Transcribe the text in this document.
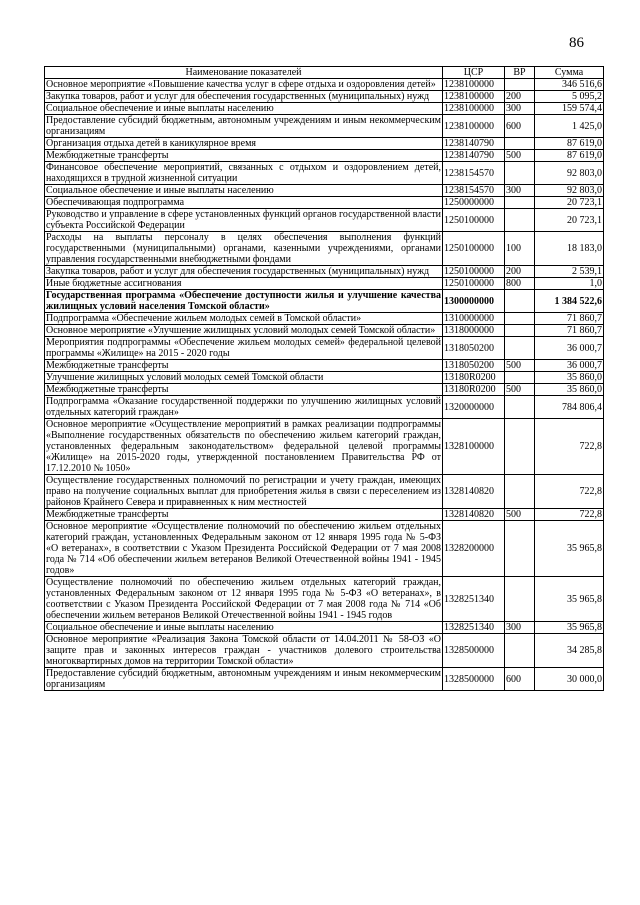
86
Наименование показателей	ЦСР	ВР	Сумма
Основное мероприятие «Повышение качества услуг в сфере отдыха и оздоровления детей»	1238100000		346 516,6
Закупка товаров, работ и услуг для обеспечения государственных (муниципальных) нужд	1238100000	200	5 095,2
Социальное обеспечение и иные выплаты населению	1238100000	300	159 574,4
Предоставление субсидий бюджетным, автономным учреждениям и иным некоммерческим организациям	1238100000	600	1 425,0
Организация отдыха детей в каникулярное время	1238140790		87 619,0
Межбюджетные трансферты	1238140790	500	87 619,0
Финансовое обеспечение мероприятий, связанных с отдыхом и оздоровлением детей, находящихся в трудной жизненной ситуации	1238154570		92 803,0
Социальное обеспечение и иные выплаты населению	1238154570	300	92 803,0
Обеспечивающая подпрограмма	1250000000		20 723,1
Руководство и управление в сфере установленных функций органов государственной власти субъекта Российской Федерации	1250100000		20 723,1
Расходы на выплаты персоналу в целях обеспечения выполнения функций государственными (муниципальными) органами, казенными учреждениями, органами управления государственными внебюджетными фондами	1250100000	100	18 183,0
Закупка товаров, работ и услуг для обеспечения государственных (муниципальных) нужд	1250100000	200	2 539,1
Иные бюджетные ассигнования	1250100000	800	1,0
Государственная программа «Обеспечение доступности жилья и улучшение качества жилищных условий населения Томской области»	1300000000		1 384 522,6
Подпрограмма «Обеспечение жильем молодых семей в Томской области»	1310000000		71 860,7
Основное мероприятие «Улучшение жилищных условий молодых семей Томской области»	1318000000		71 860,7
Мероприятия подпрограммы «Обеспечение жильем молодых семей» федеральной целевой программы «Жилище» на 2015 - 2020 годы	1318050200		36 000,7
Межбюджетные трансферты	1318050200	500	36 000,7
Улучшение жилищных условий молодых семей Томской области	13180R0200		35 860,0
Межбюджетные трансферты	13180R0200	500	35 860,0
Подпрограмма «Оказание государственной поддержки по улучшению жилищных условий отдельных категорий граждан»	1320000000		784 806,4
Основное мероприятие «Осуществление мероприятий в рамках реализации подпрограммы «Выполнение государственных обязательств по обеспечению жильем категорий граждан, установленных федеральным законодательством» федеральной целевой программы «Жилище» на 2015-2020 годы, утвержденной постановлением Правительства РФ от 17.12.2010 № 1050»	1328100000		722,8
Осуществление государственных полномочий по регистрации и учету граждан, имеющих право на получение социальных выплат для приобретения жилья в связи с переселением из районов Крайнего Севера и приравненных к ним местностей	1328140820		722,8
Межбюджетные трансферты	1328140820	500	722,8
Основное мероприятие «Осуществление полномочий по обеспечению жильем отдельных категорий граждан, установленных Федеральным законом от 12 января 1995 года № 5-ФЗ «О ветеранах», в соответствии с Указом Президента Российской Федерации от 7 мая 2008 года № 714 «Об обеспечении жильем ветеранов Великой Отечественной войны 1941 - 1945 годов»	1328200000		35 965,8
Осуществление полномочий по обеспечению жильем отдельных категорий граждан, установленных Федеральным законом от 12 января 1995 года № 5-ФЗ «О ветеранах», в соответствии с Указом Президента Российской Федерации от 7 мая 2008 года № 714 «Об обеспечении жильем ветеранов Великой Отечественной войны 1941 - 1945 годов	1328251340		35 965,8
Социальное обеспечение и иные выплаты населению	1328251340	300	35 965,8
Основное мероприятие «Реализация Закона Томской области от 14.04.2011 № 58-ОЗ «О защите прав и законных интересов граждан - участников долевого строительства многоквартирных домов на территории Томской области»	1328500000		34 285,8
Предоставление субсидий бюджетным, автономным учреждениям и иным некоммерческим организациям	1328500000	600	30 000,0
